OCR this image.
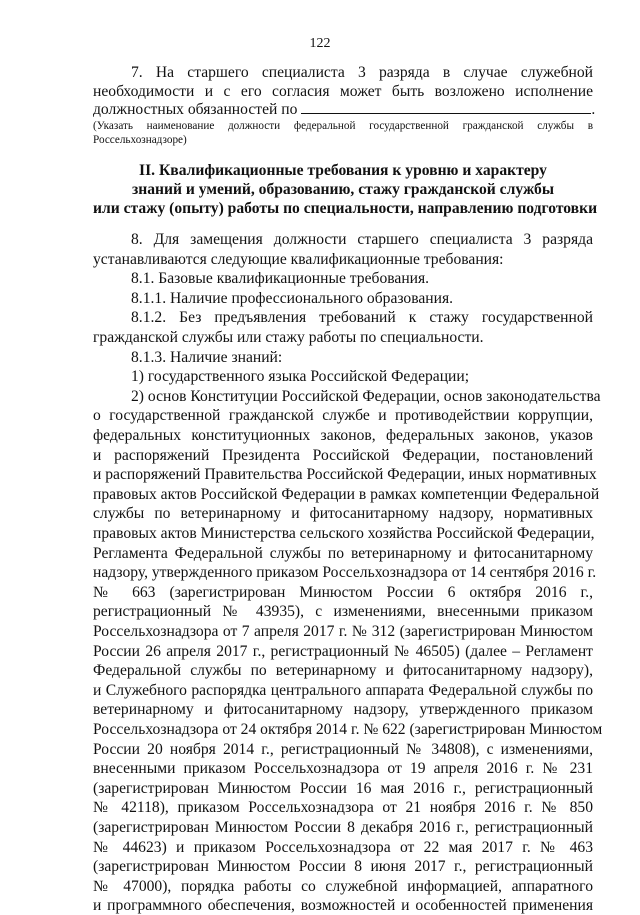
122
7. На старшего специалиста 3 разряда в случае служебной
необходимости и с его согласия может быть возложено исполнение
должностных обязанностей по	.
(Указать наименование должности федеральной государственной гражданской службы в
Россельхознадзоре)
II. Квалификационные требования к уровню и характеру
знаний и умений, образованию, стажу гражданской службы
или стажу (опыту) работы по специальности, направлению подготовки
8. Для замещения должности старшего специалиста 3 разряда
устанавливаются следующие квалификационные требования:
8.1. Базовые квалификационные требования.
8.1.1. Наличие профессионального образования.
8.1.2. Без предъявления требований к стажу государственной
гражданской службы или стажу работы по специальности.
8.1.3. Наличие знаний:
1) государственного языка Российской Федерации;
2) основ Конституции Российской Федерации, основ законодательства
о государственной гражданской службе и противодействии коррупции,
федеральных конституционных законов, федеральных законов, указов
и распоряжений Президента Российской Федерации, постановлений
и распоряжений Правительства Российской Федерации, иных нормативных
правовых актов Российской Федерации в рамках компетенции Федеральной
службы по ветеринарному и фитосанитарному надзору, нормативных
правовых актов Министерства сельского хозяйства Российской Федерации,
Регламента Федеральной службы по ветеринарному и фитосанитарному
надзору, утвержденного приказом Россельхознадзора от 14 сентября 2016 г.
№ 663 (зарегистрирован Минюстом России 6 октября 2016 г.,
регистрационный № 43935), с изменениями, внесенными приказом
Россельхознадзора от 7 апреля 2017 г. № 312 (зарегистрирован Минюстом
России 26 апреля 2017 г., регистрационный № 46505) (далее – Регламент
Федеральной службы по ветеринарному и фитосанитарному надзору),
и Служебного распорядка центрального аппарата Федеральной службы по
ветеринарному и фитосанитарному надзору, утвержденного приказом
Россельхознадзора от 24 октября 2014 г. № 622 (зарегистрирован Минюстом
России 20 ноября 2014 г., регистрационный № 34808), с изменениями,
внесенными приказом Россельхознадзора от 19 апреля 2016 г. № 231
(зарегистрирован Минюстом России 16 мая 2016 г., регистрационный
№ 42118), приказом Россельхознадзора от 21 ноября 2016 г. № 850
(зарегистрирован Минюстом России 8 декабря 2016 г., регистрационный
№ 44623) и приказом Россельхознадзора от 22 мая 2017 г. № 463
(зарегистрирован Минюстом России 8 июня 2017 г., регистрационный
№ 47000), порядка работы со служебной информацией, аппаратного
и программного обеспечения, возможностей и особенностей применения
